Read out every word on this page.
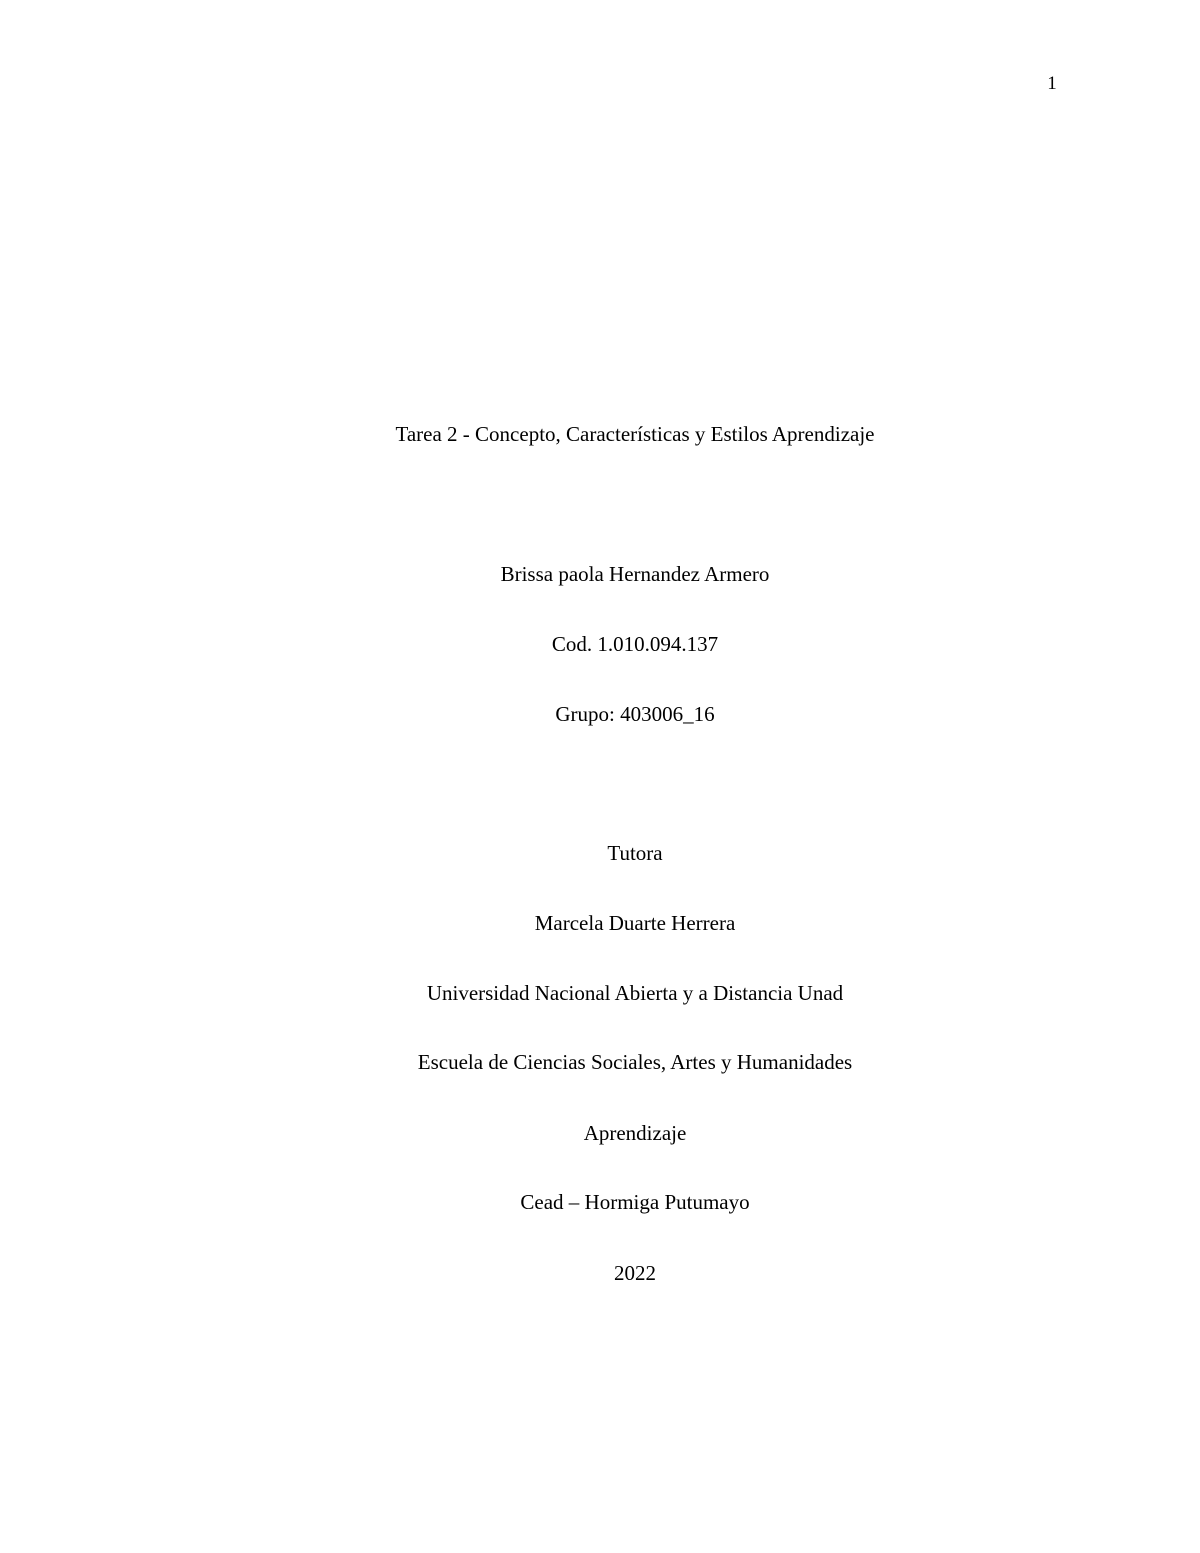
1
Tarea 2 - Concepto, Características y Estilos Aprendizaje
Brissa paola Hernandez Armero
Cod. 1.010.094.137
Grupo: 403006_16
Tutora
Marcela Duarte Herrera
Universidad Nacional Abierta y a Distancia Unad
Escuela de Ciencias Sociales, Artes y Humanidades
Aprendizaje
Cead – Hormiga Putumayo
2022
